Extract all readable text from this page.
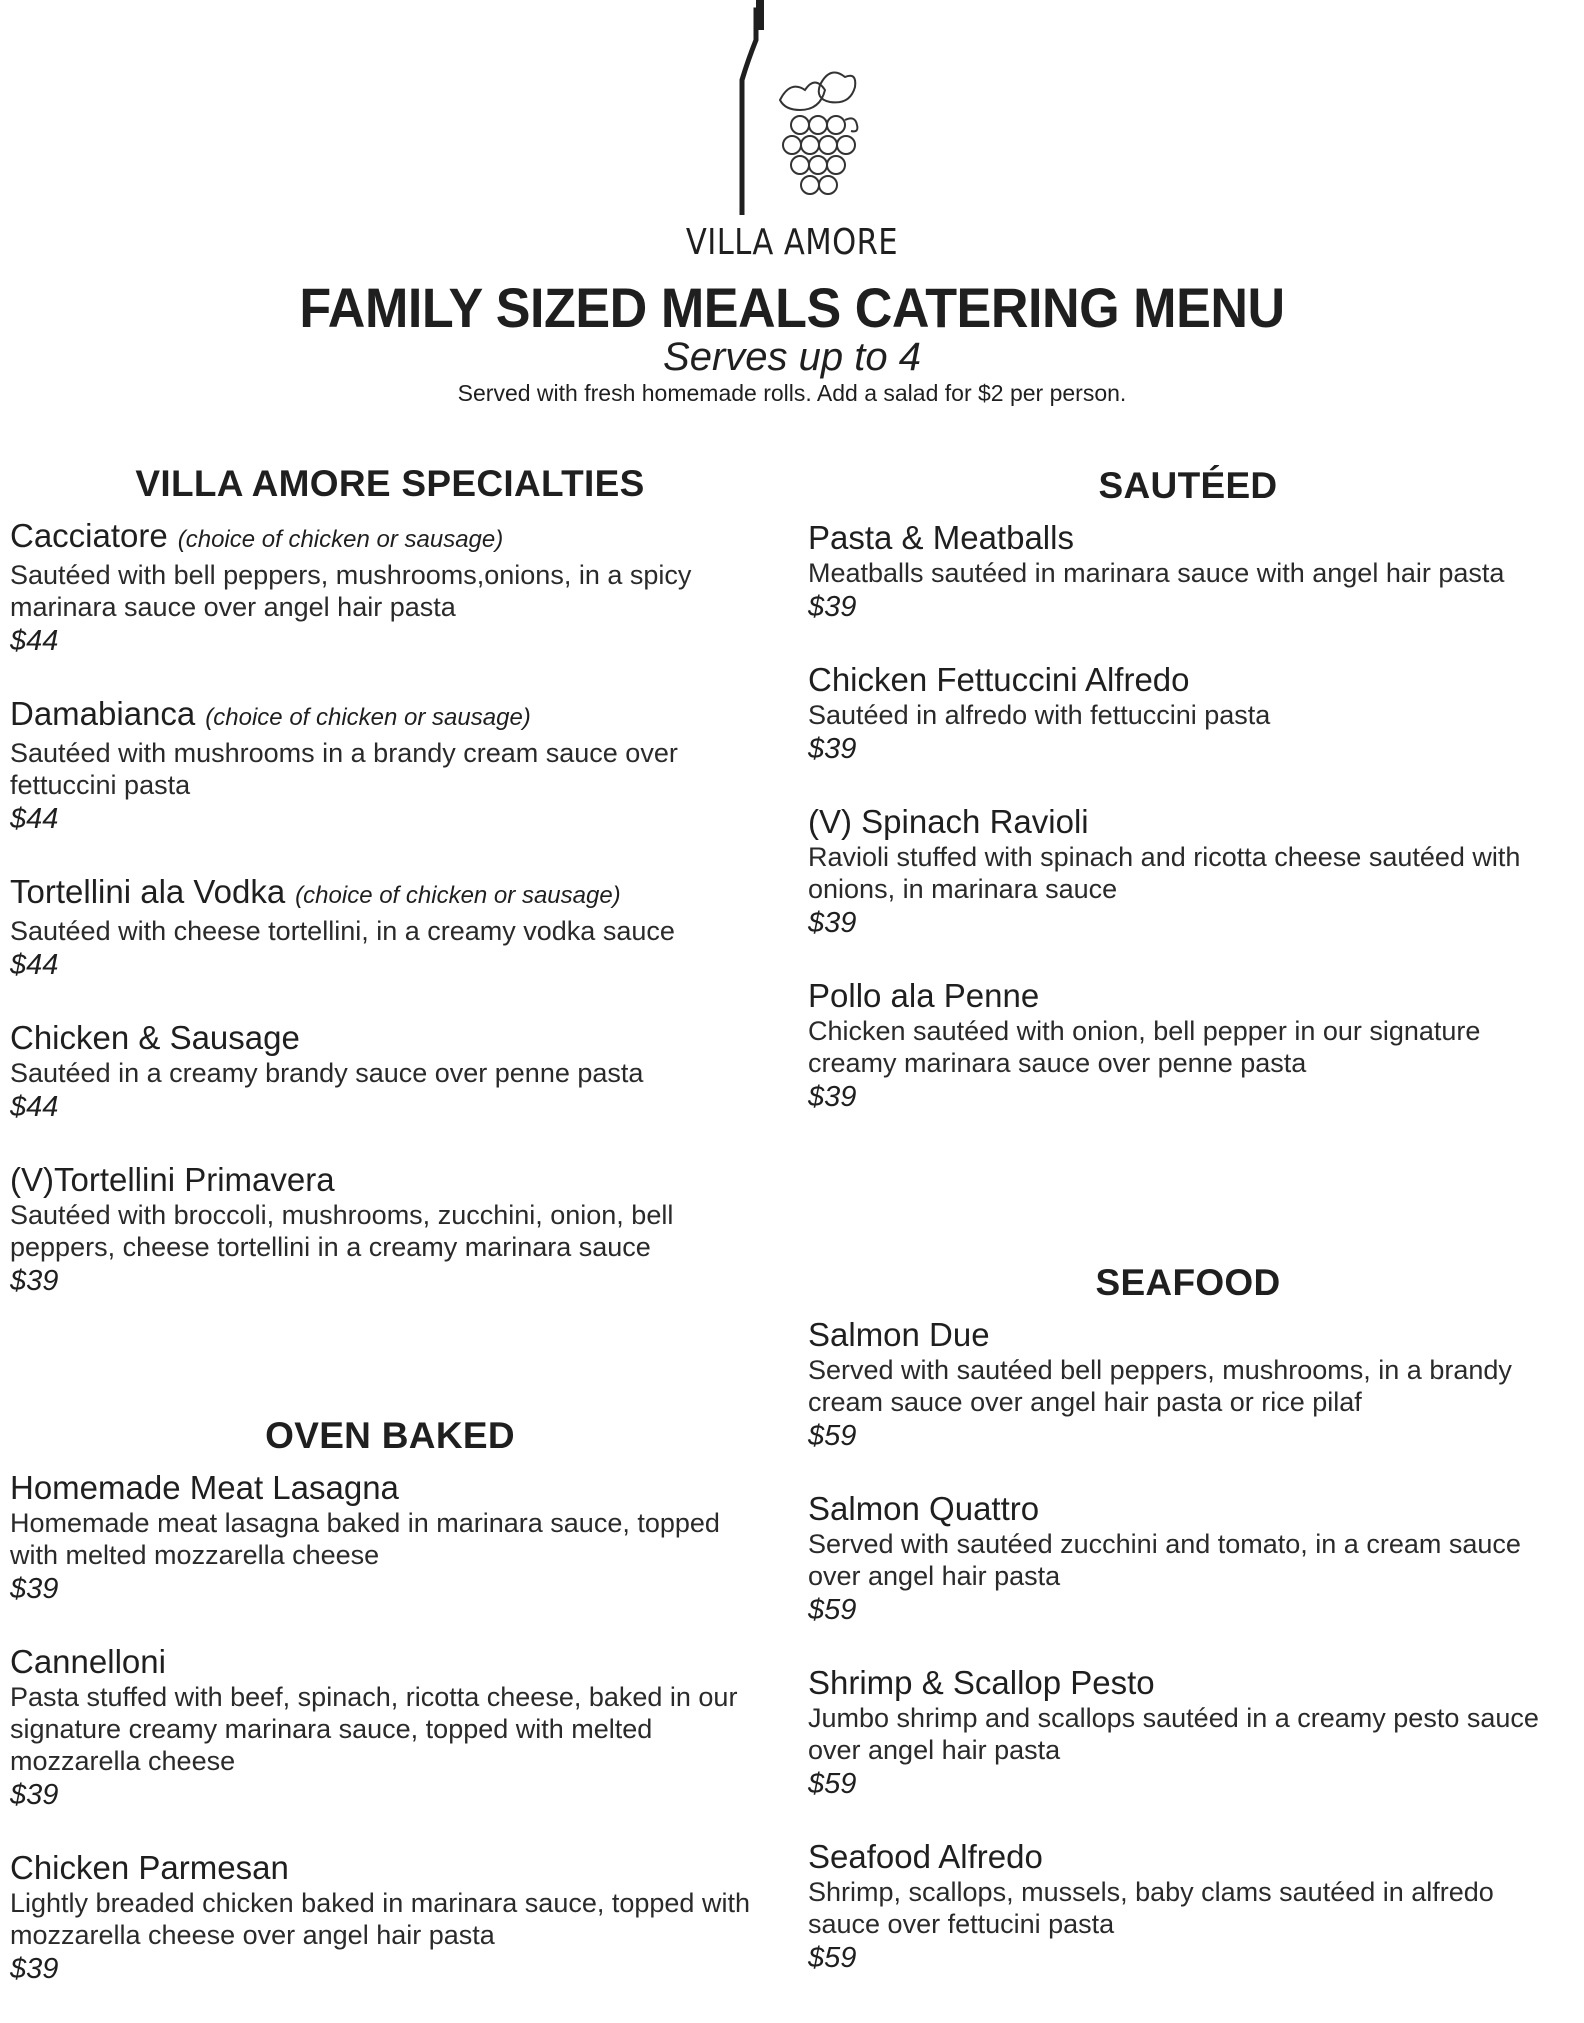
VILLA AMORE
FAMILY SIZED MEALS CATERING MENU
Serves up to 4
Served with fresh homemade rolls. Add a salad for $2 per person.
VILLA AMORE SPECIALTIES
Cacciatore (choice of chicken or sausage)
Sautéed with bell peppers, mushrooms,onions, in a spicy marinara sauce over angel hair pasta
$44
Damabianca (choice of chicken or sausage)
Sautéed with mushrooms in a brandy cream sauce over fettuccini pasta
$44
Tortellini ala Vodka (choice of chicken or sausage)
Sautéed with cheese tortellini, in a creamy vodka sauce
$44
Chicken & Sausage
Sautéed in a creamy brandy sauce over penne pasta
$44
(V)Tortellini Primavera
Sautéed with broccoli, mushrooms, zucchini, onion, bell peppers, cheese tortellini in a creamy marinara sauce
$39
OVEN BAKED
Homemade Meat Lasagna
Homemade meat lasagna baked in marinara sauce, topped with melted mozzarella cheese
$39
Cannelloni
Pasta stuffed with beef, spinach, ricotta cheese, baked in our signature creamy marinara sauce, topped with melted mozzarella cheese
$39
Chicken Parmesan
Lightly breaded chicken baked in marinara sauce, topped with mozzarella cheese over angel hair pasta
$39
SAUTÉED
Pasta & Meatballs
Meatballs sautéed in marinara sauce with angel hair pasta
$39
Chicken Fettuccini Alfredo
Sautéed in alfredo with fettuccini pasta
$39
(V) Spinach Ravioli
Ravioli stuffed with spinach and ricotta cheese sautéed with onions, in marinara sauce
$39
Pollo ala Penne
Chicken sautéed with onion, bell pepper in our signature creamy marinara sauce over penne pasta
$39
SEAFOOD
Salmon Due
Served with sautéed bell peppers, mushrooms, in a brandy cream sauce over angel hair pasta or rice pilaf
$59
Salmon Quattro
Served with sautéed zucchini and tomato, in a cream sauce over angel hair pasta
$59
Shrimp & Scallop Pesto
Jumbo shrimp and scallops sautéed in a creamy pesto sauce over angel hair pasta
$59
Seafood Alfredo
Shrimp, scallops, mussels, baby clams sautéed in alfredo sauce over fettucini pasta
$59
